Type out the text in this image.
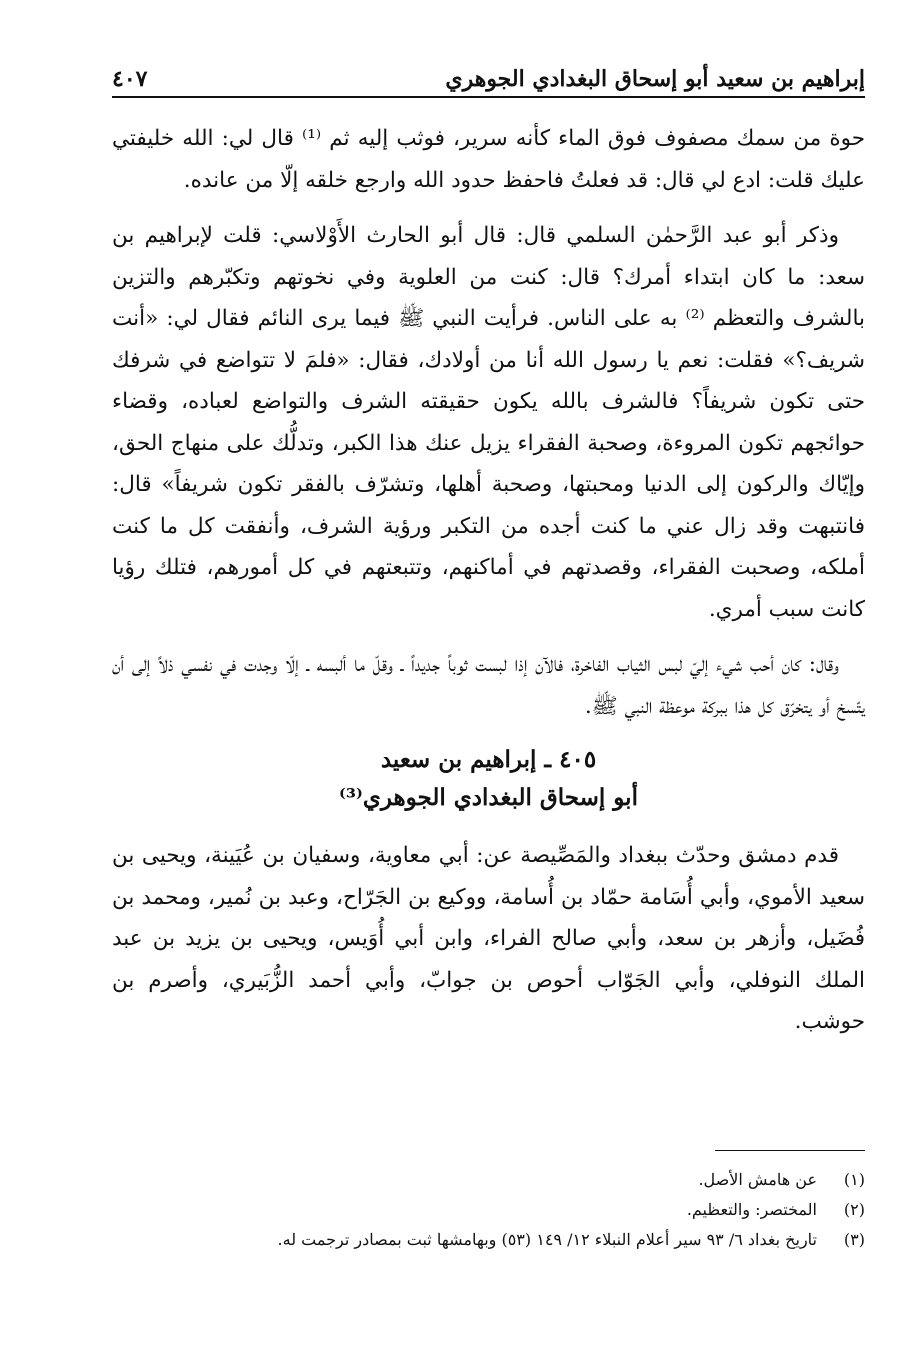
إبراهيم بن سعيد أبو إسحاق البغدادي الجوهري
٤٠٧

حوة من سمك مصفوف فوق الماء كأنه سرير، فوثب إليه ثم ⁽¹⁾ قال لي: الله خليفتي عليك قلت: ادع لي قال: قد فعلتُ فاحفظ حدود الله وارجع خلقه إلّا من عانده.

وذكر أبو عبد الرَّحمٰن السلمي قال: قال أبو الحارث الأَوْلاسي: قلت لإبراهيم بن سعد: ما كان ابتداء أمرك؟ قال: كنت من العلوية وفي نخوتهم وتكبّرهم والتزين بالشرف والتعظم ⁽²⁾ به على الناس. فرأيت النبي ﷺ فيما يرى النائم فقال لي: «أنت شريف؟» فقلت: نعم يا رسول الله أنا من أولادك، فقال: «فلمَ لا تتواضع في شرفك حتى تكون شريفاً؟ فالشرف بالله يكون حقيقته الشرف والتواضع لعباده، وقضاء حوائجهم تكون المروءة، وصحبة الفقراء يزيل عنك هذا الكبر، وتدلُّك على منهاج الحق، وإيّاك والركون إلى الدنيا ومحبتها، وصحبة أهلها، وتشرّف بالفقر تكون شريفاً» قال: فانتبهت وقد زال عني ما كنت أجده من التكبر ورؤية الشرف، وأنفقت كل ما كنت أملكه، وصحبت الفقراء، وقصدتهم في أماكنهم، وتتبعتهم في كل أمورهم، فتلك رؤيا كانت سبب أمري.

وقال: كان أحب شيء إليّ لبس الثياب الفاخرة، فالآن إذا لبست ثوباً جديداً ـ وقلّ ما ألبسه ـ إلّا وجدت في نفسي ذلاً إلى أن يتّسخ أو يتخرّق كل هذا ببركة موعظة النبي ﷺ.

٤٠٥ ـ إبراهيم بن سعيد
أبو إسحاق البغدادي الجوهري⁽³⁾

قدم دمشق وحدّث ببغداد والمَصِّيصة عن: أبي معاوية، وسفيان بن عُيَينة، ويحيى بن سعيد الأموي، وأبي أُسَامة حمّاد بن أُسامة، ووكيع بن الجَرّاح، وعبد بن نُمير، ومحمد بن فُضَيل، وأزهر بن سعد، وأبي صالح الفراء، وابن أبي أُوَيس، ويحيى بن يزيد بن عبد الملك النوفلي، وأبي الجَوّاب أحوص بن جوابّ، وأبي أحمد الزُّبَيري، وأصرم بن حوشب.

(١)
عن هامش الأصل.
(٢)
المختصر: والتعظيم.
(٣)
تاريخ بغداد ٦/ ٩٣ سير أعلام النبلاء ١٢/ ١٤٩ (٥٣) وبهامشها ثبت بمصادر ترجمت له.
